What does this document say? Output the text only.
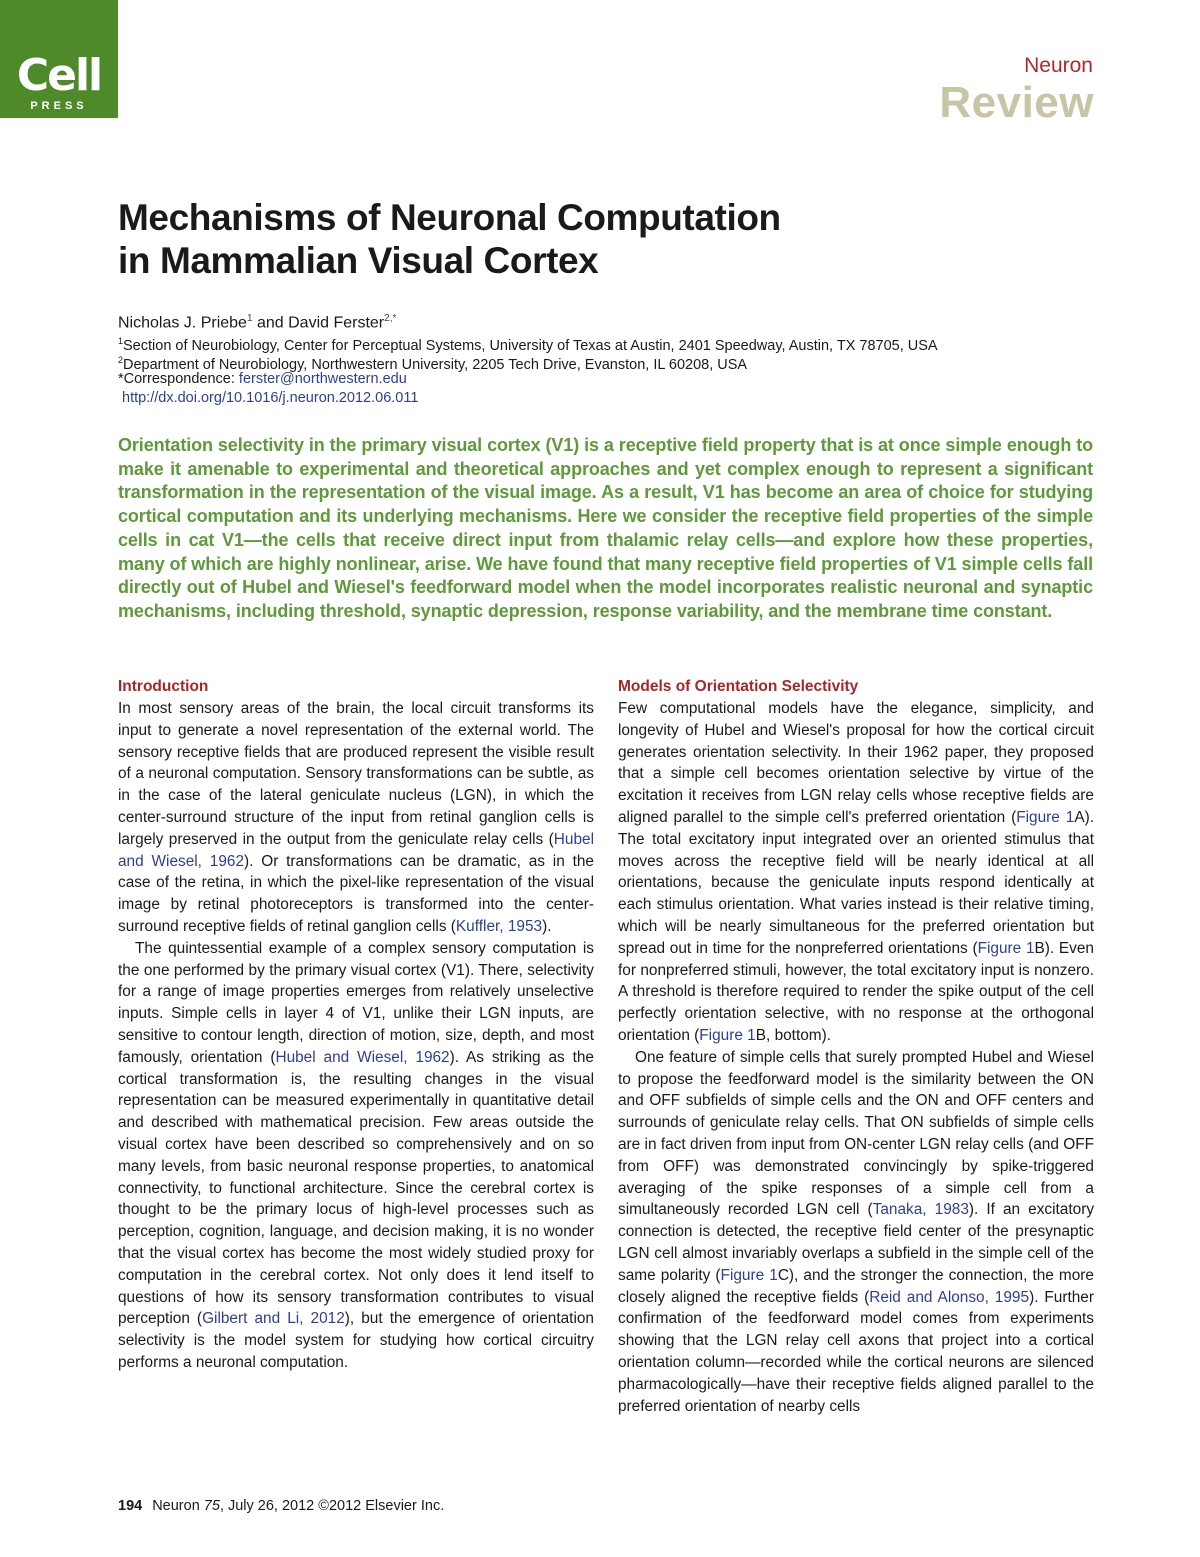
Cell
PRESS
Neuron
Review
Mechanisms of Neuronal Computation
in Mammalian Visual Cortex
Nicholas J. Priebe$^1$ and David Ferster$^{2,*}$
$^1$Section of Neurobiology, Center for Perceptual Systems, University of Texas at Austin, 2401 Speedway, Austin, TX 78705, USA
$^2$Department of Neurobiology, Northwestern University, 2205 Tech Drive, Evanston, IL 60208, USA
*Correspondence: ferster@northwestern.edu
http://dx.doi.org/10.1016/j.neuron.2012.06.011

Orientation selectivity in the primary visual cortex (V1) is a receptive field property that is at once simple enough to make it amenable to experimental and theoretical approaches and yet complex enough to represent a significant transformation in the representation of the visual image. As a result, V1 has become an area of choice for studying cortical computation and its underlying mechanisms. Here we consider the receptive field properties of the simple cells in cat V1—the cells that receive direct input from thalamic relay cells—and explore how these properties, many of which are highly nonlinear, arise. We have found that many receptive field properties of V1 simple cells fall directly out of Hubel and Wiesel's feedforward model when the model incorporates realistic neuronal and synaptic mechanisms, including threshold, synaptic depression, response variability, and the membrane time constant.

Introduction

In most sensory areas of the brain, the local circuit transforms its input to generate a novel representation of the external world. The sensory receptive fields that are produced represent the visible result of a neuronal computation. Sensory transformations can be subtle, as in the case of the lateral geniculate nucleus (LGN), in which the center-surround structure of the input from retinal ganglion cells is largely preserved in the output from the geniculate relay cells (Hubel and Wiesel, 1962). Or transformations can be dramatic, as in the case of the retina, in which the pixel-like representation of the visual image by retinal photoreceptors is transformed into the center-surround receptive fields of retinal ganglion cells (Kuffler, 1953).

The quintessential example of a complex sensory computation is the one performed by the primary visual cortex (V1). There, selectivity for a range of image properties emerges from relatively unselective inputs. Simple cells in layer 4 of V1, unlike their LGN inputs, are sensitive to contour length, direction of motion, size, depth, and most famously, orientation (Hubel and Wiesel, 1962). As striking as the cortical transformation is, the resulting changes in the visual representation can be measured experimentally in quantitative detail and described with mathematical precision. Few areas outside the visual cortex have been described so comprehensively and on so many levels, from basic neuronal response properties, to anatomical connectivity, to functional architecture. Since the cerebral cortex is thought to be the primary locus of high-level processes such as perception, cognition, language, and decision making, it is no wonder that the visual cortex has become the most widely studied proxy for computation in the cerebral cortex. Not only does it lend itself to questions of how its sensory transformation contributes to visual perception (Gilbert and Li, 2012), but the emergence of orientation selectivity is the model system for studying how cortical circuitry performs a neuronal computation.

Models of Orientation Selectivity

Few computational models have the elegance, simplicity, and longevity of Hubel and Wiesel's proposal for how the cortical circuit generates orientation selectivity. In their 1962 paper, they proposed that a simple cell becomes orientation selective by virtue of the excitation it receives from LGN relay cells whose receptive fields are aligned parallel to the simple cell's preferred orientation (Figure 1A). The total excitatory input integrated over an oriented stimulus that moves across the receptive field will be nearly identical at all orientations, because the geniculate inputs respond identically at each stimulus orientation. What varies instead is their relative timing, which will be nearly simultaneous for the preferred orientation but spread out in time for the nonpreferred orientations (Figure 1B). Even for nonpreferred stimuli, however, the total excitatory input is nonzero. A threshold is therefore required to render the spike output of the cell perfectly orientation selective, with no response at the orthogonal orientation (Figure 1B, bottom).

One feature of simple cells that surely prompted Hubel and Wiesel to propose the feedforward model is the similarity between the ON and OFF subfields of simple cells and the ON and OFF centers and surrounds of geniculate relay cells. That ON subfields of simple cells are in fact driven from input from ON-center LGN relay cells (and OFF from OFF) was demonstrated convincingly by spike-triggered averaging of the spike responses of a simple cell from a simultaneously recorded LGN cell (Tanaka, 1983). If an excitatory connection is detected, the receptive field center of the presynaptic LGN cell almost invariably overlaps a subfield in the simple cell of the same polarity (Figure 1C), and the stronger the connection, the more closely aligned the receptive fields (Reid and Alonso, 1995). Further confirmation of the feedforward model comes from experiments showing that the LGN relay cell axons that project into a cortical orientation column—recorded while the cortical neurons are silenced pharmacologically—have their receptive fields aligned parallel to the preferred orientation of nearby cells

194 Neuron 75, July 26, 2012 ©2012 Elsevier Inc.
